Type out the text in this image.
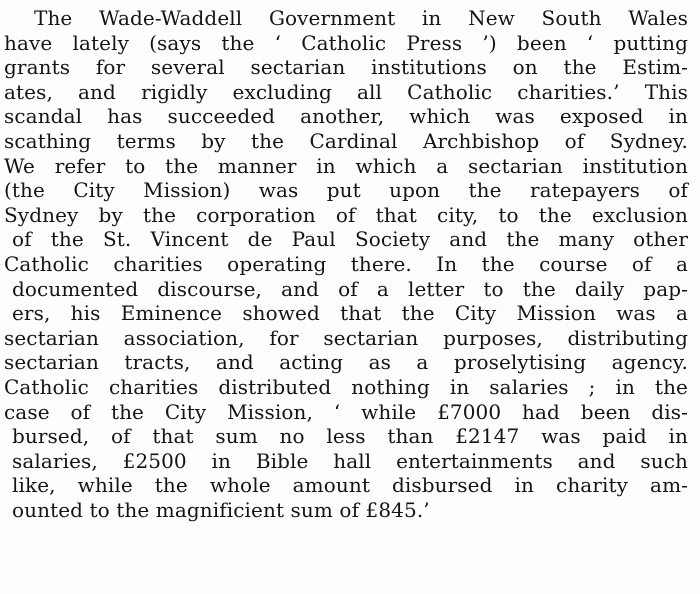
The Wade-Waddell Government in New South Wales
have lately (says the ‘ Catholic Press ’) been ‘ putting
grants for several sectarian institutions on the Estim-
ates, and rigidly excluding all Catholic charities.’ This
scandal has succeeded another, which was exposed in
scathing terms by the Cardinal Archbishop of Sydney.
We refer to the manner in which a sectarian institution
(the City Mission) was put upon the ratepayers of
Sydney by the corporation of that city, to the exclusion
of the St. Vincent de Paul Society and the many other
Catholic charities operating there. In the course of a
documented discourse, and of a letter to the daily pap-
ers, his Eminence showed that the City Mission was a
sectarian association, for sectarian purposes, distributing
sectarian tracts, and acting as a proselytising agency.
Catholic charities distributed nothing in salaries ; in the
case of the City Mission, ‘ while £7000 had been dis-
bursed, of that sum no less than £2147 was paid in
salaries, £2500 in Bible hall entertainments and such
like, while the whole amount disbursed in charity am-
ounted to the magnificient sum of £845.’
